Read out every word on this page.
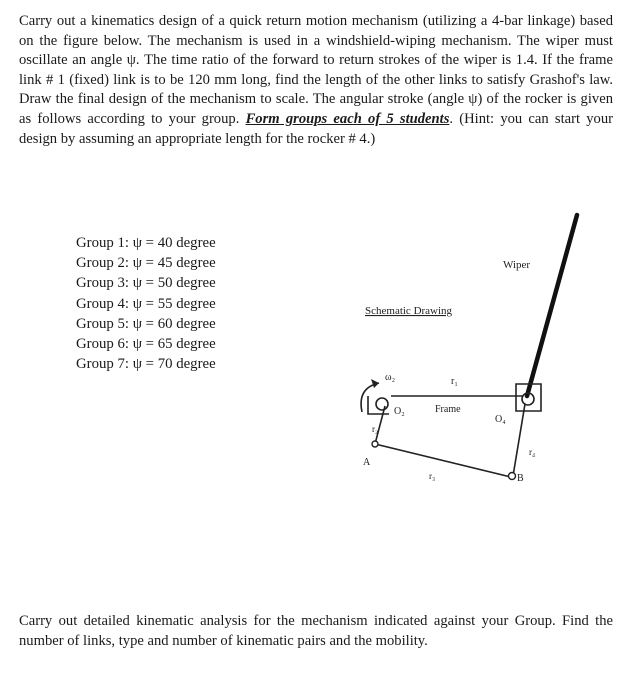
Carry out a kinematics design of a quick return motion mechanism (utilizing a 4-bar linkage) based on the figure below. The mechanism is used in a windshield-wiping mechanism. The wiper must oscillate an angle ψ. The time ratio of the forward to return strokes of the wiper is 1.4. If the frame link # 1 (fixed) link is to be 120 mm long, find the length of the other links to satisfy Grashof's law. Draw the final design of the mechanism to scale. The angular stroke (angle ψ) of the rocker is given as follows according to your group. Form groups each of 5 students. (Hint: you can start your design by assuming an appropriate length for the rocker # 4.)
Group 1: ψ = 40 degree
Group 2: ψ = 45 degree
Group 3: ψ = 50 degree
Group 4: ψ = 55 degree
Group 5: ψ = 60 degree
Group 6: ψ = 65 degree
Group 7: ψ = 70 degree
Wiper
Schematic Drawing
ω₂	r₁
O₂	Frame
O₄
r₂
r₄
A
r₃	B
Carry out detailed kinematic analysis for the mechanism indicated against your Group. Find the number of links, type and number of kinematic pairs and the mobility.
